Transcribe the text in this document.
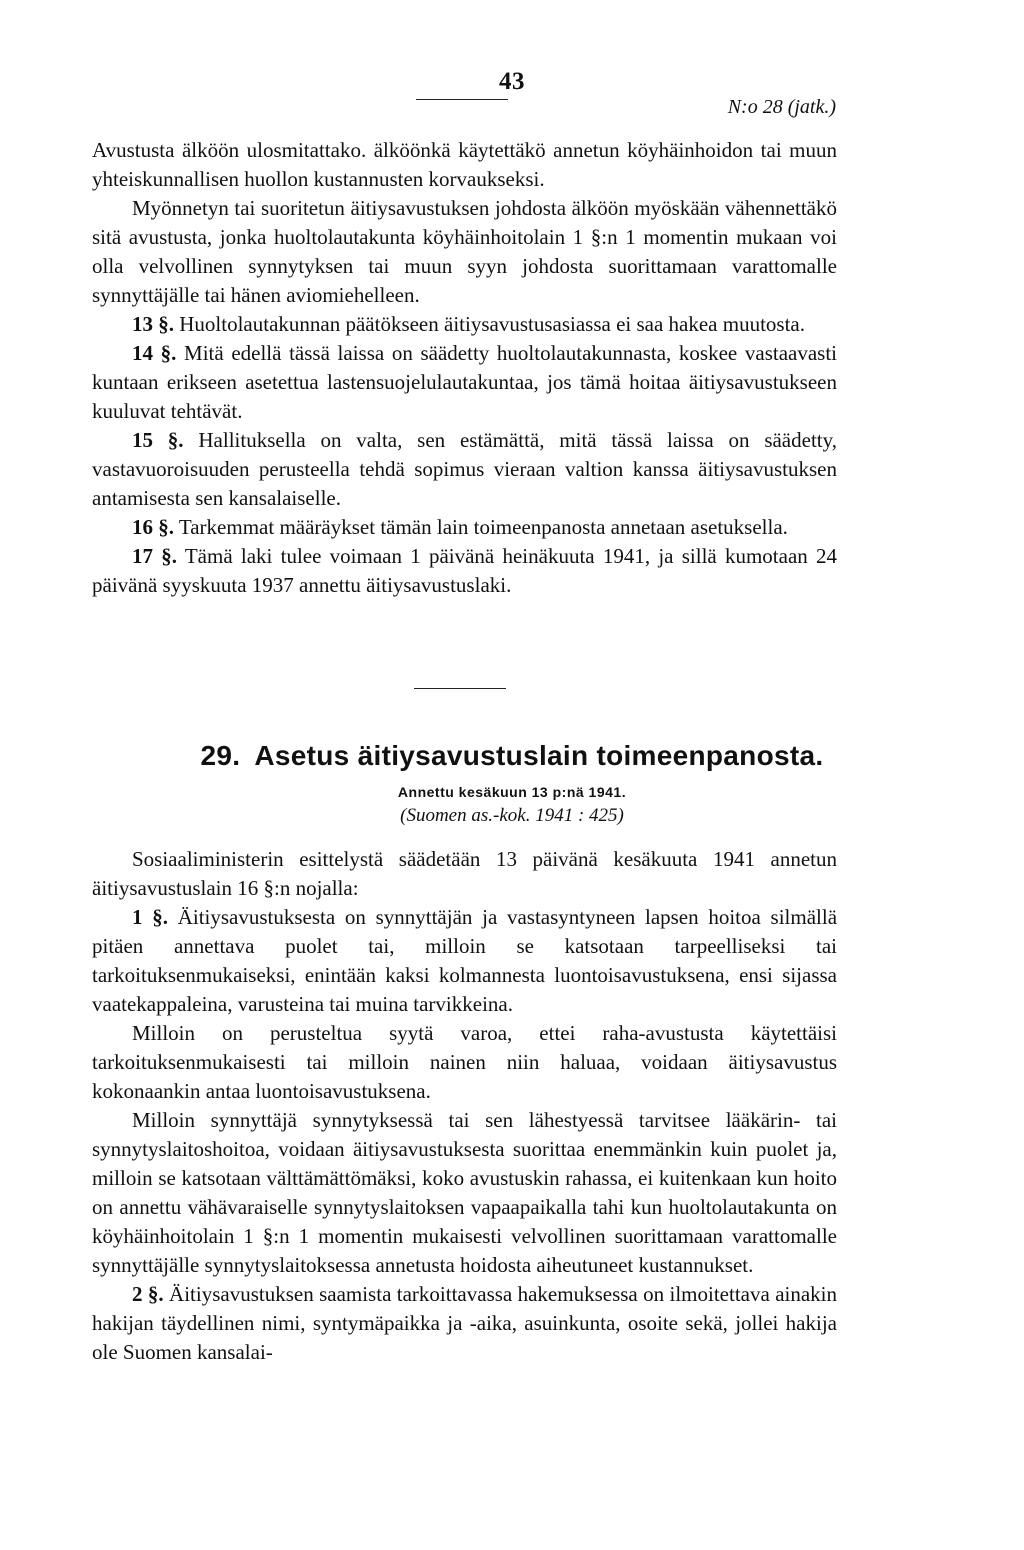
43
N:o 28 (jatk.)

Avustusta älköön ulosmitattako. älköönkä käytettäkö annetun köyhäinhoidon tai muun yhteiskunnallisen huollon kustannusten korvaukseksi.

Myönnetyn tai suoritetun äitiysavustuksen johdosta älköön myöskään vähennettäkö sitä avustusta, jonka huoltolautakunta köyhäinhoitolain 1 §:n 1 momentin mukaan voi olla velvollinen synnytyksen tai muun syyn johdosta suorittamaan varattomalle synnyttäjälle tai hänen aviomiehelleen.

13 §. Huoltolautakunnan päätökseen äitiysavustusasiassa ei saa hakea muutosta.

14 §. Mitä edellä tässä laissa on säädetty huoltolautakunnasta, koskee vastaavasti kuntaan erikseen asetettua lastensuojelulautakuntaa, jos tämä hoitaa äitiysavustukseen kuuluvat tehtävät.

15 §. Hallituksella on valta, sen estämättä, mitä tässä laissa on säädetty, vastavuoroisuuden perusteella tehdä sopimus vieraan valtion kanssa äitiysavustuksen antamisesta sen kansalaiselle.

16 §. Tarkemmat määräykset tämän lain toimeenpanosta annetaan asetuksella.

17 §. Tämä laki tulee voimaan 1 päivänä heinäkuuta 1941, ja sillä kumotaan 24 päivänä syyskuuta 1937 annettu äitiysavustuslaki.

29. Asetus äitiysavustuslain toimeenpanosta.
Annettu kesäkuun 13 p:nä 1941.
(Suomen as.-kok. 1941 : 425)

Sosiaaliministerin esittelystä säädetään 13 päivänä kesäkuuta 1941 annetun äitiysavustuslain 16 §:n nojalla:

1 §. Äitiysavustuksesta on synnyttäjän ja vastasyntyneen lapsen hoitoa silmällä pitäen annettava puolet tai, milloin se katsotaan tarpeelliseksi tai tarkoituksenmukaiseksi, enintään kaksi kolmannesta luontoisavustuksena, ensi sijassa vaatekappaleina, varusteina tai muina tarvikkeina.

Milloin on perusteltua syytä varoa, ettei raha-avustusta käytettäisi tarkoituksenmukaisesti tai milloin nainen niin haluaa, voidaan äitiysavustus kokonaankin antaa luontoisavustuksena.

Milloin synnyttäjä synnytyksessä tai sen lähestyessä tarvitsee lääkärin- tai synnytyslaitoshoitoa, voidaan äitiysavustuksesta suorittaa enemmänkin kuin puolet ja, milloin se katsotaan välttämättömäksi, koko avustuskin rahassa, ei kuitenkaan kun hoito on annettu vähävaraiselle synnytyslaitoksen vapaapaikalla tahi kun huoltolautakunta on köyhäinhoitolain 1 §:n 1 momentin mukaisesti velvollinen suorittamaan varattomalle synnyttäjälle synnytyslaitoksessa annetusta hoidosta aiheutuneet kustannukset.

2 §. Äitiysavustuksen saamista tarkoittavassa hakemuksessa on ilmoitettava ainakin hakijan täydellinen nimi, syntymäpaikka ja -aika, asuinkunta, osoite sekä, jollei hakija ole Suomen kansalai-
